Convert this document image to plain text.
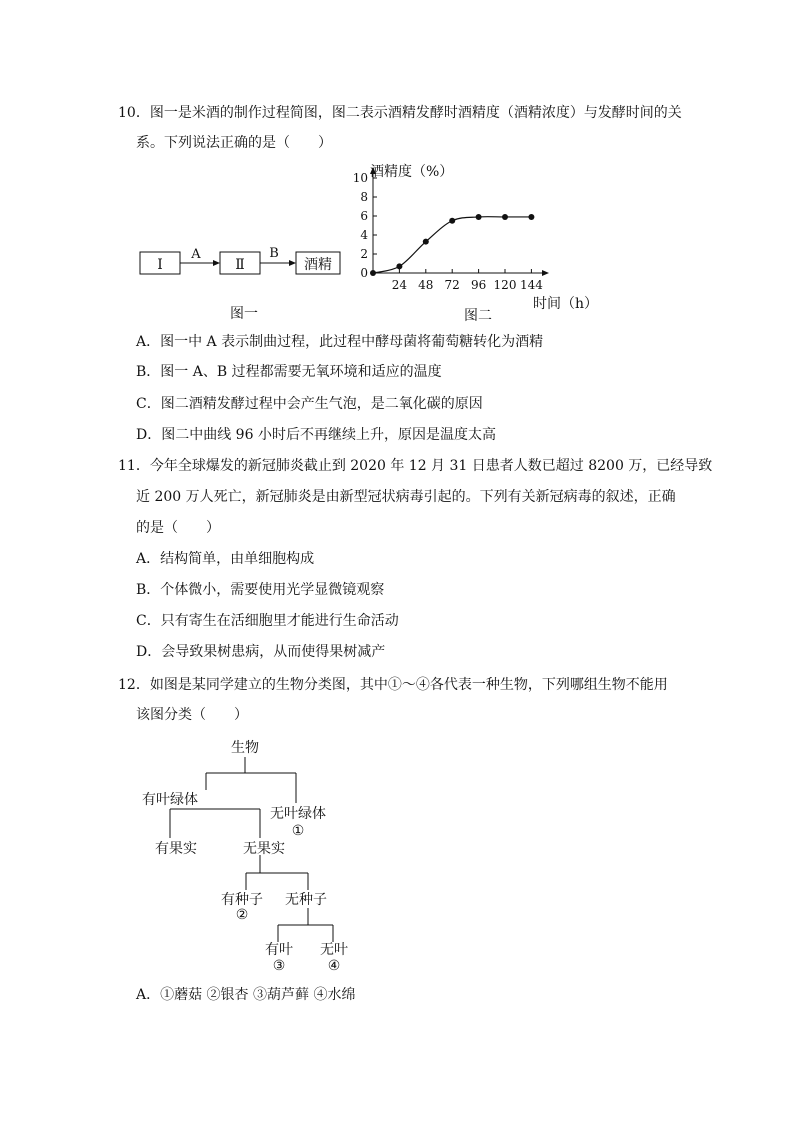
10．图一是米酒的制作过程简图，图二表示酒精发酵时酒精度（酒精浓度）与发酵时间的关
系。下列说法正确的是（　　）
Ⅰ
A
Ⅱ
B
酒精
图一
0
2
4
6
8
10
24 48 72 96 120 144
酒精度（%）
时间（h）
图二
A．图一中 A 表示制曲过程，此过程中酵母菌将葡萄糖转化为酒精
B．图一 A、B 过程都需要无氧环境和适应的温度
C．图二酒精发酵过程中会产生气泡，是二氧化碳的原因
D．图二中曲线 96 小时后不再继续上升，原因是温度太高
11．今年全球爆发的新冠肺炎截止到 2020 年 12 月 31 日患者人数已超过 8200 万，已经导致
近 200 万人死亡，新冠肺炎是由新型冠状病毒引起的。下列有关新冠病毒的叙述，正确
的是（　　）
A．结构简单，由单细胞构成
B．个体微小，需要使用光学显微镜观察
C．只有寄生在活细胞里才能进行生命活动
D．会导致果树患病，从而使得果树减产
12．如图是某同学建立的生物分类图，其中①～④各代表一种生物，下列哪组生物不能用
该图分类（　　）
生物
有叶绿体
无叶绿体
①
有果实	无果实
有种子
②
无种子
有叶
③
无叶
④
A．①蘑菇 ②银杏 ③葫芦藓 ④水绵
